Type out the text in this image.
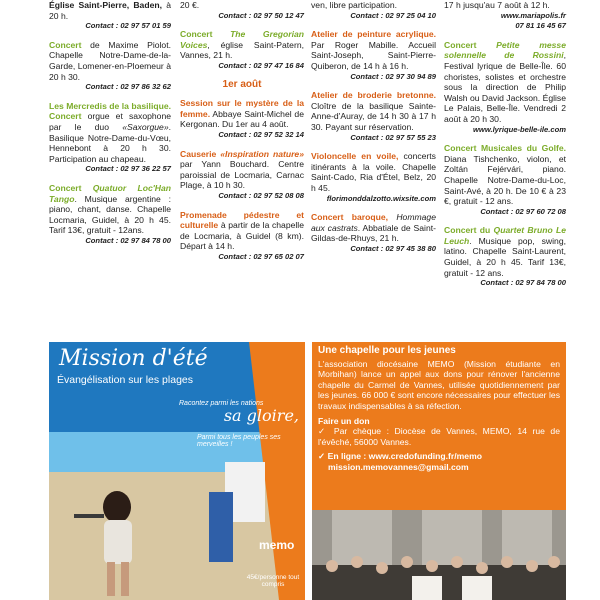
Église Saint-Pierre, Baden, à 20 h.
Contact : 02 97 57 01 59
Concert de Maxime Piolot. Chapelle Notre-Dame-de-la-Garde, Lomener-en-Ploemeur à 20 h 30.
Contact : 02 97 86 32 62
Les Mercredis de la basilique. Concert orgue et saxophone par le duo «Saxorgue». Basilique Notre-Dame-du-Vœu, Hennebont à 20 h 30. Participation au chapeau.
Contact : 02 97 36 22 57
Concert Quatuor Loc'Han Tango. Musique argentine : piano, chant, danse. Chapelle Locmaria, Guidel, à 20 h 45. Tarif 13€, gratuit - 12ans.
Contact : 02 97 84 78 00
20 €.
Contact : 02 97 50 12 47
Concert The Gregorian Voices, église Saint-Patern, Vannes, 21 h.
Contact : 02 97 47 16 84
1er août
Session sur le mystère de la femme. Abbaye Saint-Michel de Kergonan. Du 1er au 4 août.
Contact : 02 97 52 32 14
Causerie «Inspiration nature» par Yann Bouchard. Centre paroissial de Locmaria, Carnac Plage, à 10 h 30.
Contact : 02 97 52 08 08
Promenade pédestre et culturelle à partir de la chapelle de Locmaria, à Guidel (8 km). Départ à 14 h.
Contact : 02 97 65 02 07
ven, libre participation.
Contact : 02 97 25 04 10
Atelier de peinture acrylique. Par Roger Mabille. Accueil Saint-Joseph, Saint-Pierre-Quiberon, de 14 h à 16 h.
Contact : 02 97 30 94 89
Atelier de broderie bretonne. Cloître de la basilique Sainte-Anne-d'Auray, de 14 h 30 à 17 h 30. Payant sur réservation.
Contact : 02 97 57 55 23
Violoncelle en voile, concerts itinérants à la voile. Chapelle Saint-Cado, Ria d'Étel, Belz, 20 h 45.
florimonddalzotto.wixsite.com
Concert baroque, Hommage aux castrats. Abbatiale de Saint-Gildas-de-Rhuys, 21 h.
Contact : 02 97 45 38 80
17 h jusqu'au 7 août à 12 h.
www.mariapolis.fr
07 81 16 45 67
Concert Petite messe solennelle de Rossini, Festival lyrique de Belle-Île. 60 choristes, solistes et orchestre sous la direction de Philip Walsh ou David Jackson. Église Le Palais, Belle-Île. Vendredi 2 août à 20 h 30.
www.lyrique-belle-ile.com
Concert Musicales du Golfe. Diana Tishchenko, violon, et Zoltán Fejérvári, piano. Chapelle Notre-Dame-du-Loc, Saint-Avé, à 20 h. De 10 € à 23 €, gratuit - 12 ans.
Contact : 02 97 60 72 08
Concert du Quartet Bruno Le Leuch. Musique pop, swing, latino. Chapelle Saint-Laurent, Guidel, à 20 h 45. Tarif 13€, gratuit - 12 ans.
Contact : 02 97 84 78 00
Mission d'été
Évangélisation sur les plages
Racontez parmi les nations
sa gloire,
Parmi tous les peuples ses merveilles !
memo
45€/personne tout compris
Une chapelle pour les jeunes

L'association diocésaine MEMO (Mission étudiante en Morbihan) lance un appel aux dons pour rénover l'ancienne chapelle du Carmel de Vannes, utilisée quotidiennement par les jeunes. 66 000 € sont encore nécessaires pour effectuer les travaux indispensables à sa réfection.

Faire un don

✓ Par chèque : Diocèse de Vannes, MEMO, 14 rue de l'évêché, 56000 Vannes.

✓ En ligne : www.credofunding.fr/memo
mission.memovannes@gmail.com
